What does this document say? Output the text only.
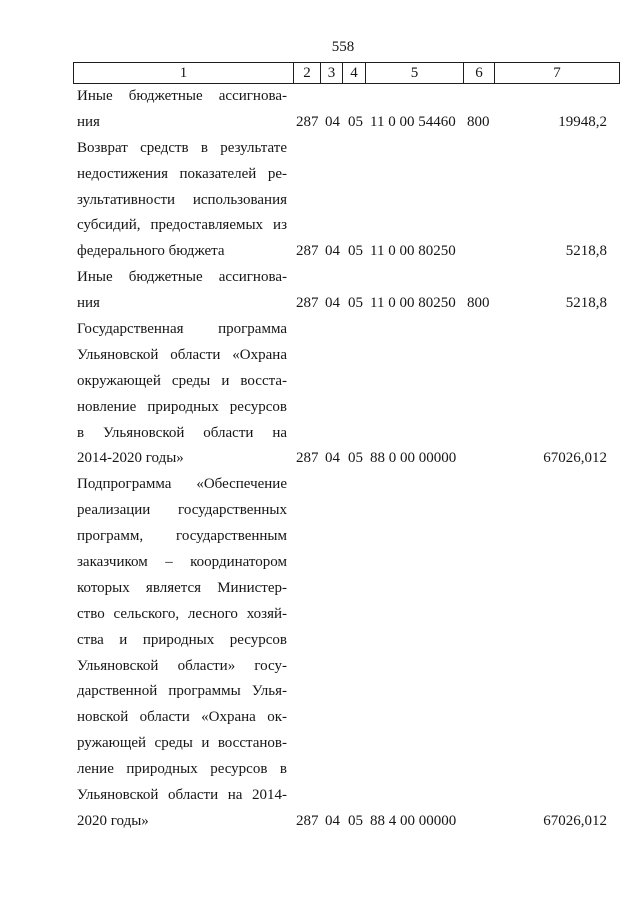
558
1	2	3	4	5	6	7
Иные бюджетные ассигнова-
ния	287 04 05 11 0 00 54460 800	19948,2
Возврат средств в результате
недостижения показателей ре-
зультативности использования
субсидий, предоставляемых из
федерального бюджета	287 04 05 11 0 00 80250	5218,8
Иные бюджетные ассигнова-
ния	287 04 05 11 0 00 80250 800	5218,8
Государственная программа
Ульяновской области «Охрана
окружающей среды и восста-
новление природных ресурсов
в Ульяновской области на
2014-2020 годы»	287 04 05 88 0 00 00000	67026,012
Подпрограмма «Обеспечение
реализации государственных
программ, государственным
заказчиком – координатором
которых является Министер-
ство сельского, лесного хозяй-
ства и природных ресурсов
Ульяновской области» госу-
дарственной программы Улья-
новской области «Охрана ок-
ружающей среды и восстанов-
ление природных ресурсов в
Ульяновской области на 2014-
2020 годы»	287 04 05 88 4 00 00000	67026,012
